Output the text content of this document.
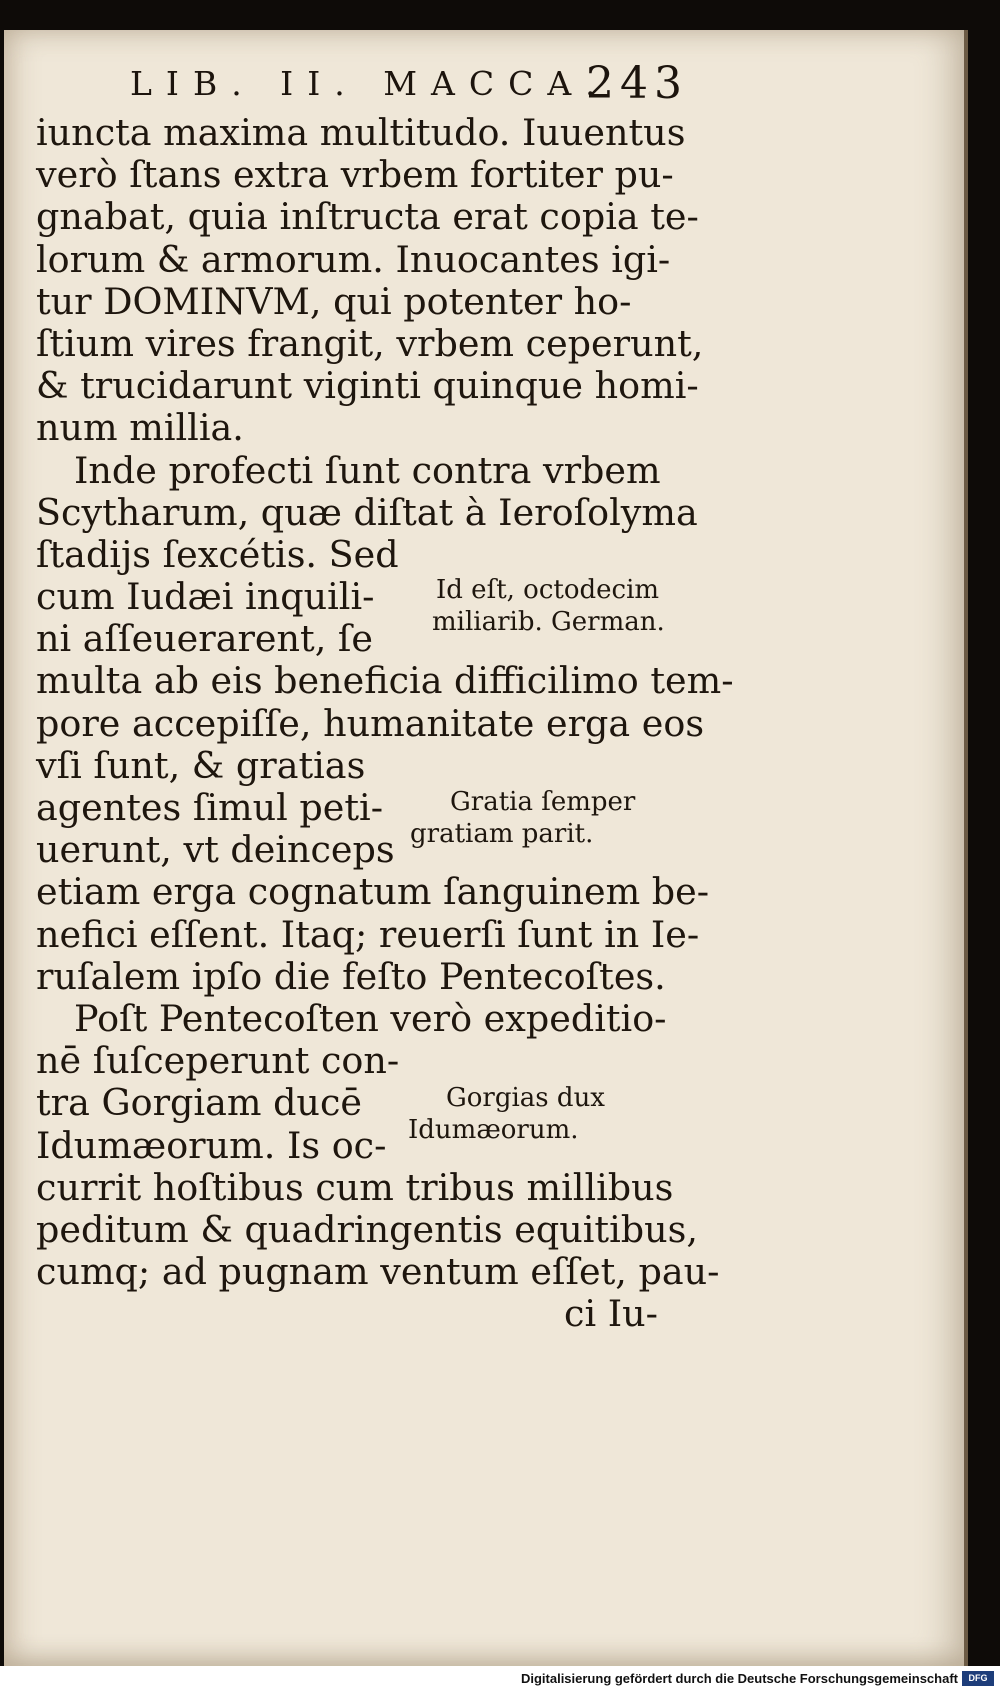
LIB. II. MACCA.
243
iuncta maxima multitudo. Iuuentus
verò ſtans extra vrbem fortiter pu-
gnabat, quia inſtructa erat copia te-
lorum & armorum. Inuocantes igi-
tur DOMINVM, qui potenter ho-
ſtium vires frangit, vrbem ceperunt,
& trucidarunt viginti quinque homi-
num millia.
Inde profecti ſunt contra vrbem
Scytharum, quæ diſtat à Ieroſolyma
ſtadijs ſexcétis. Sed
cum Iudæi inquili-
ni aſſeuerarent, ſe
multa ab eis beneficia difficilimo tem-
pore accepiſſe, humanitate erga eos
vſi ſunt, & gratias
agentes ſimul peti-
uerunt, vt deinceps
etiam erga cognatum ſanguinem be-
nefici eſſent. Itaq; reuerſi ſunt in Ie-
ruſalem ipſo die feſto Pentecoſtes.
Poſt Pentecoſten verò expeditio-
nē ſuſceperunt con-
tra Gorgiam ducē
Idumæorum. Is oc-
currit hoſtibus cum tribus millibus
peditum & quadringentis equitibus,
cumq; ad pugnam ventum eſſet, pau-
ci Iu-
Id eſt, octodecim
miliarib. German.
Gratia ſemper
gratiam parit.
Gorgias dux
Idumæorum.
Digitalisierung gefördert durch die Deutsche Forschungsgemeinschaft	DFG
